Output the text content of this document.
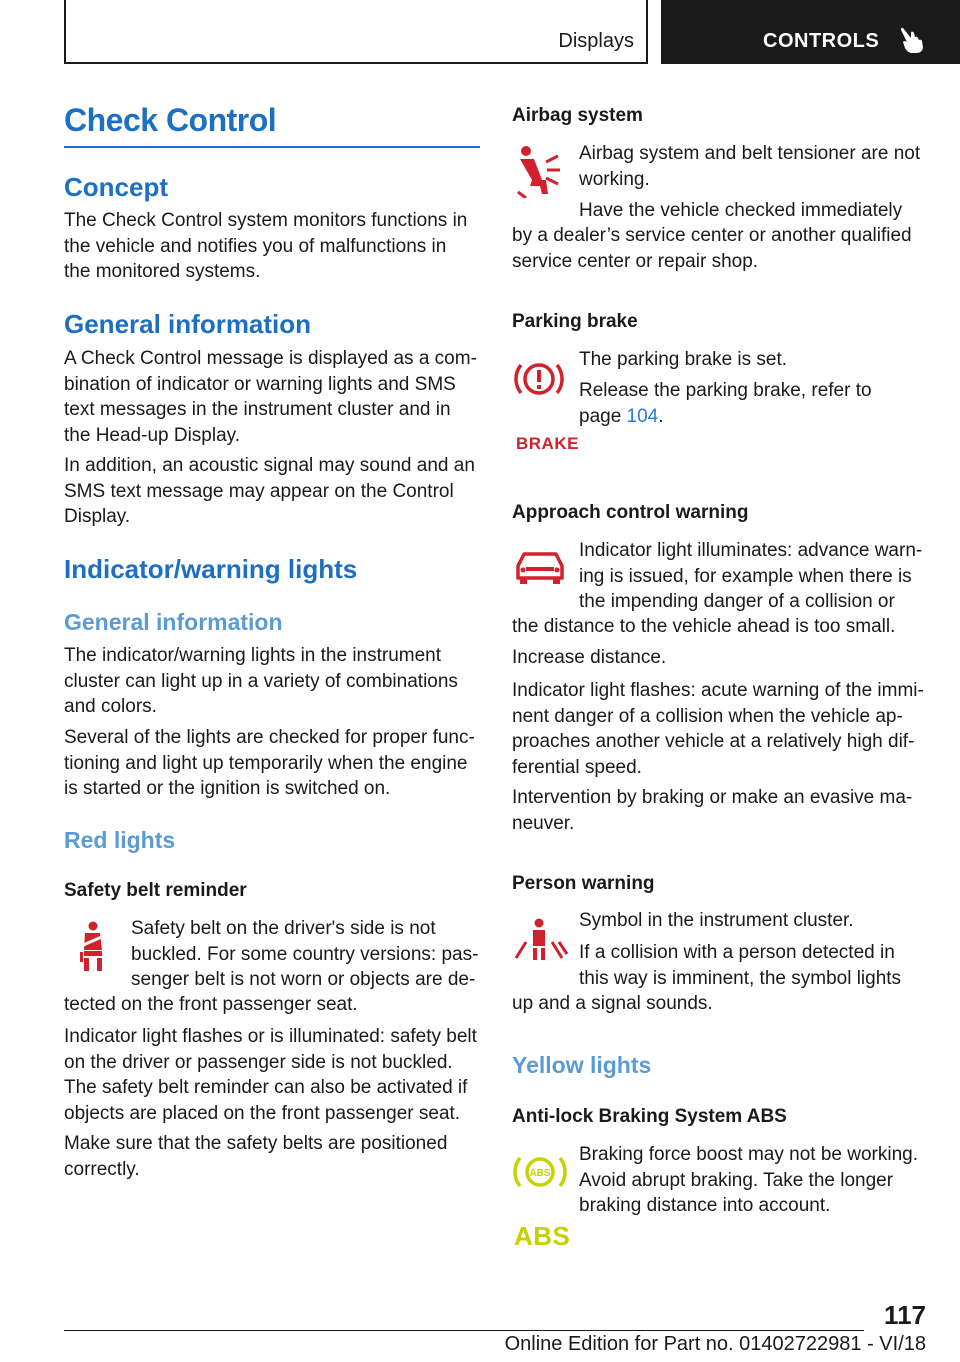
Displays	CONTROLS
Check Control
Concept
The Check Control system monitors functions in
the vehicle and notifies you of malfunctions in
the monitored systems.
General information
A Check Control message is displayed as a com-
bination of indicator or warning lights and SMS
text messages in the instrument cluster and in
the Head-up Display.
In addition, an acoustic signal may sound and an
SMS text message may appear on the Control
Display.
Indicator/warning lights
General information
The indicator/warning lights in the instrument
cluster can light up in a variety of combinations
and colors.
Several of the lights are checked for proper func-
tioning and light up temporarily when the engine
is started or the ignition is switched on.
Red lights
Safety belt reminder
Safety belt on the driver's side is not
buckled. For some country versions: pas-
senger belt is not worn or objects are de-
tected on the front passenger seat.
Indicator light flashes or is illuminated: safety belt
on the driver or passenger side is not buckled.
The safety belt reminder can also be activated if
objects are placed on the front passenger seat.
Make sure that the safety belts are positioned
correctly.
Airbag system
Airbag system and belt tensioner are not
working.
Have the vehicle checked immediately
by a dealer’s service center or another qualified
service center or repair shop.
Parking brake
BRAKE
The parking brake is set.
Release the parking brake, refer to
page 104.
Approach control warning
Indicator light illuminates: advance warn-
ing is issued, for example when there is
the impending danger of a collision or
the distance to the vehicle ahead is too small.
Increase distance.
Indicator light flashes: acute warning of the immi-
nent danger of a collision when the vehicle ap-
proaches another vehicle at a relatively high dif-
ferential speed.
Intervention by braking or make an evasive ma-
neuver.
Person warning
Symbol in the instrument cluster.
If a collision with a person detected in
this way is imminent, the symbol lights
up and a signal sounds.
Yellow lights
Anti-lock Braking System ABS
ABS
ABS
Braking force boost may not be working.
Avoid abrupt braking. Take the longer
braking distance into account.
117
Online Edition for Part no. 01402722981 - VI/18
